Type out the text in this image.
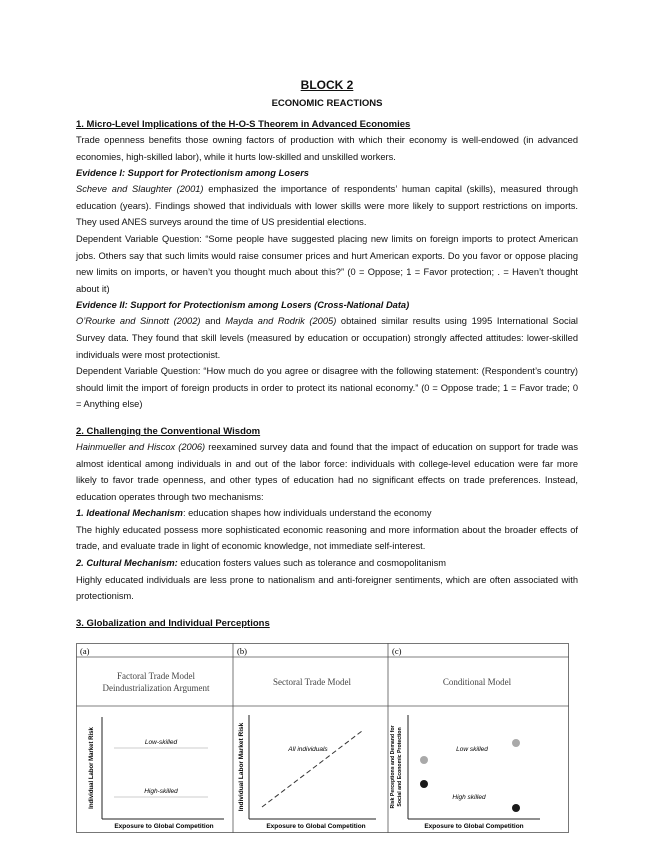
BLOCK 2
ECONOMIC REACTIONS
1. Micro-Level Implications of the H-O-S Theorem in Advanced Economies

Trade openness benefits those owning factors of production with which their economy is well-endowed (in advanced economies, high-skilled labor), while it hurts low-skilled and unskilled workers.

Evidence I: Support for Protectionism among Losers

Scheve and Slaughter (2001) emphasized the importance of respondents’ human capital (skills), measured through education (years). Findings showed that individuals with lower skills were more likely to support restrictions on imports. They used ANES surveys around the time of US presidential elections.

Dependent Variable Question: “Some people have suggested placing new limits on foreign imports to protect American jobs. Others say that such limits would raise consumer prices and hurt American exports. Do you favor or oppose placing new limits on imports, or haven’t you thought much about this?” (0 = Oppose; 1 = Favor protection; . = Haven’t thought about it)

Evidence II: Support for Protectionism among Losers (Cross-National Data)

O’Rourke and Sinnott (2002) and Mayda and Rodrik (2005) obtained similar results using 1995 International Social Survey data. They found that skill levels (measured by education or occupation) strongly affected attitudes: lower-skilled individuals were most protectionist.

Dependent Variable Question: “How much do you agree or disagree with the following statement: (Respondent’s country) should limit the import of foreign products in order to protect its national economy.” (0 = Oppose trade; 1 = Favor trade; 0 = Anything else)

2. Challenging the Conventional Wisdom

Hainmueller and Hiscox (2006) reexamined survey data and found that the impact of education on support for trade was almost identical among individuals in and out of the labor force: individuals with college-level education were far more likely to favor trade openness, and other types of education had no significant effects on trade preferences. Instead, education operates through two mechanisms:

1. Ideational Mechanism: education shapes how individuals understand the economy

The highly educated possess more sophisticated economic reasoning and more information about the broader effects of trade, and evaluate trade in light of economic knowledge, not immediate self-interest.

2. Cultural Mechanism: education fosters values such as tolerance and cosmopolitanism

Highly educated individuals are less prone to nationalism and anti-foreigner sentiments, which are often associated with protectionism.

3. Globalization and Individual Perceptions
(a)
Factoral Trade Model
Deindustrialization Argument
Individual Labor Market Risk
Exposure to Global Competition
Low-skilled
High-skilled
(b)
Sectoral Trade Model
Individual Labor Market Risk
Exposure to Global Competition
All individuals
(c)
Conditional Model
Risk Perceptions and Demand for Social and Economic Protection
Exposure to Global Competition
Low skilled
High skilled
